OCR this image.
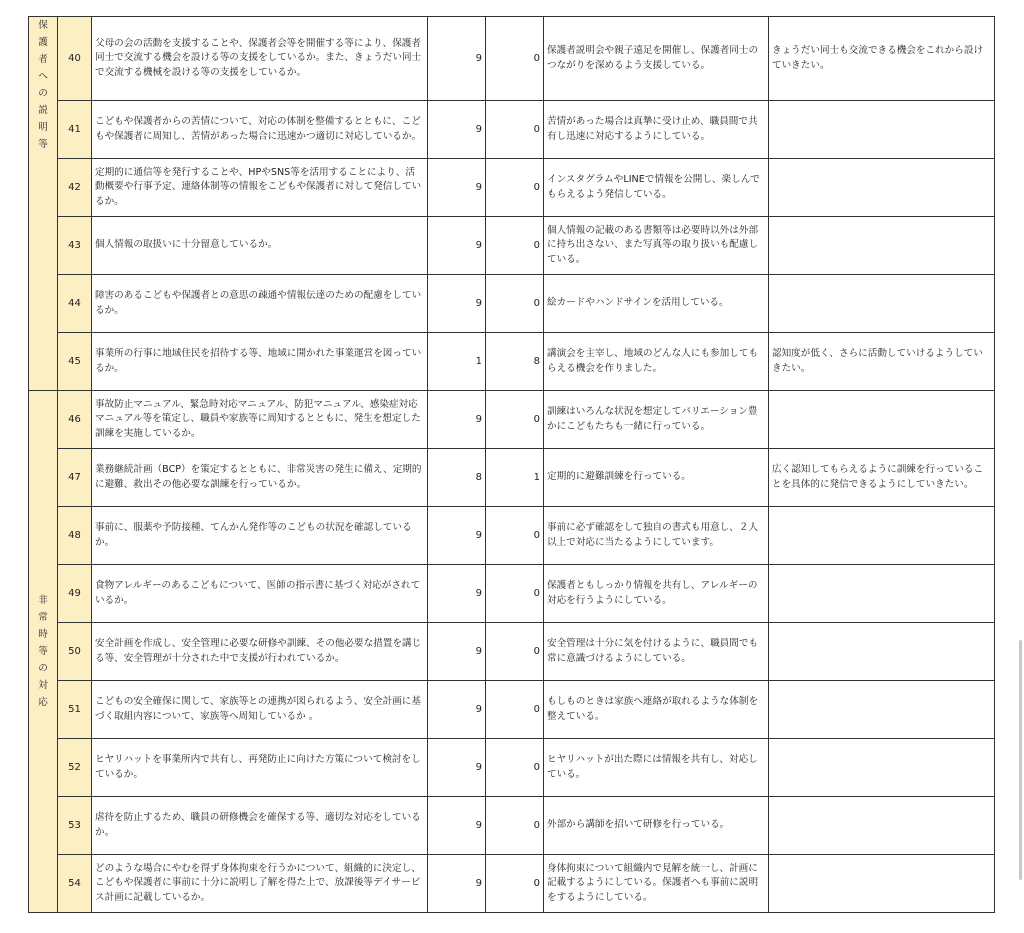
保護者への説明等	40	父母の会の活動を支援することや、保護者会等を開催する等により、保護者同士で交流する機会を設ける等の支援をしているか。また、きょうだい同士で交流する機械を設ける等の支援をしているか。	9	0	保護者説明会や親子遠足を開催し、保護者同士のつながりを深めるよう支援している。	きょうだい同士も交流できる機会をこれから設けていきたい。
	41	こどもや保護者からの苦情について、対応の体制を整備するとともに、こどもや保護者に周知し、苦情があった場合に迅速かつ適切に対応しているか。	9	0	苦情があった場合は真摯に受け止め、職員間で共有し迅速に対応するようにしている。	
	42	定期的に通信等を発行することや、HPやSNS等を活用することにより、活動概要や行事予定、連絡体制等の情報をこどもや保護者に対して発信しているか。	9	0	インスタグラムやLINEで情報を公開し、楽しんでもらえるよう発信している。	
	43	個人情報の取扱いに十分留意しているか。	9	0	個人情報の記載のある書類等は必要時以外は外部に持ち出さない、また写真等の取り扱いも配慮している。	
	44	障害のあるこどもや保護者との意思の疎通や情報伝達のための配慮をしているか。	9	0	絵カードやハンドサインを活用している。	
	45	事業所の行事に地域住民を招待する等、地域に開かれた事業運営を図っているか。	1	8	講演会を主宰し、地域のどんな人にも参加してもらえる機会を作りました。	認知度が低く、さらに活動していけるようしていきたい。
非常時等の対応	46	事故防止マニュアル、緊急時対応マニュアル、防犯マニュアル、感染症対応マニュアル等を策定し、職員や家族等に周知するとともに、発生を想定した訓練を実施しているか。	9	0	訓練はいろんな状況を想定してバリエーション豊かにこどもたちも一緒に行っている。	
	47	業務継続計画（BCP）を策定するとともに、非常災害の発生に備え、定期的に避難、救出その他必要な訓練を行っているか。	8	1	定期的に避難訓練を行っている。	広く認知してもらえるように訓練を行っていることを具体的に発信できるようにしていきたい。
	48	事前に、服薬や予防接種、てんかん発作等のこどもの状況を確認しているか。	9	0	事前に必ず確認をして独自の書式も用意し、２人以上で対応に当たるようにしています。	
	49	食物アレルギーのあるこどもについて、医師の指示書に基づく対応がされているか。	9	0	保護者ともしっかり情報を共有し、アレルギーの対応を行うようにしている。	
	50	安全計画を作成し、安全管理に必要な研修や訓練、その他必要な措置を講じる等、安全管理が十分された中で支援が行われているか。	9	0	安全管理は十分に気を付けるように、職員間でも常に意識づけるようにしている。	
	51	こどもの安全確保に関して、家族等との連携が図られるよう、安全計画に基づく取組内容について、家族等へ周知しているか 。	9	0	もしものときは家族へ連絡が取れるような体制を整えている。	
	52	ヒヤリハットを事業所内で共有し、再発防止に向けた方策について検討をしているか。	9	0	ヒヤリハットが出た際には情報を共有し、対応している。	
	53	虐待を防止するため、職員の研修機会を確保する等、適切な対応をしているか。	9	0	外部から講師を招いて研修を行っている。	
	54	どのような場合にやむを得ず身体拘束を行うかについて、組織的に決定し、こどもや保護者に事前に十分に説明し了解を得た上で、放課後等デイサービス計画に記載しているか。	9	0	身体拘束について組織内で見解を統一し、計画に記載するようにしている。保護者へも事前に説明をするようにしている。	
